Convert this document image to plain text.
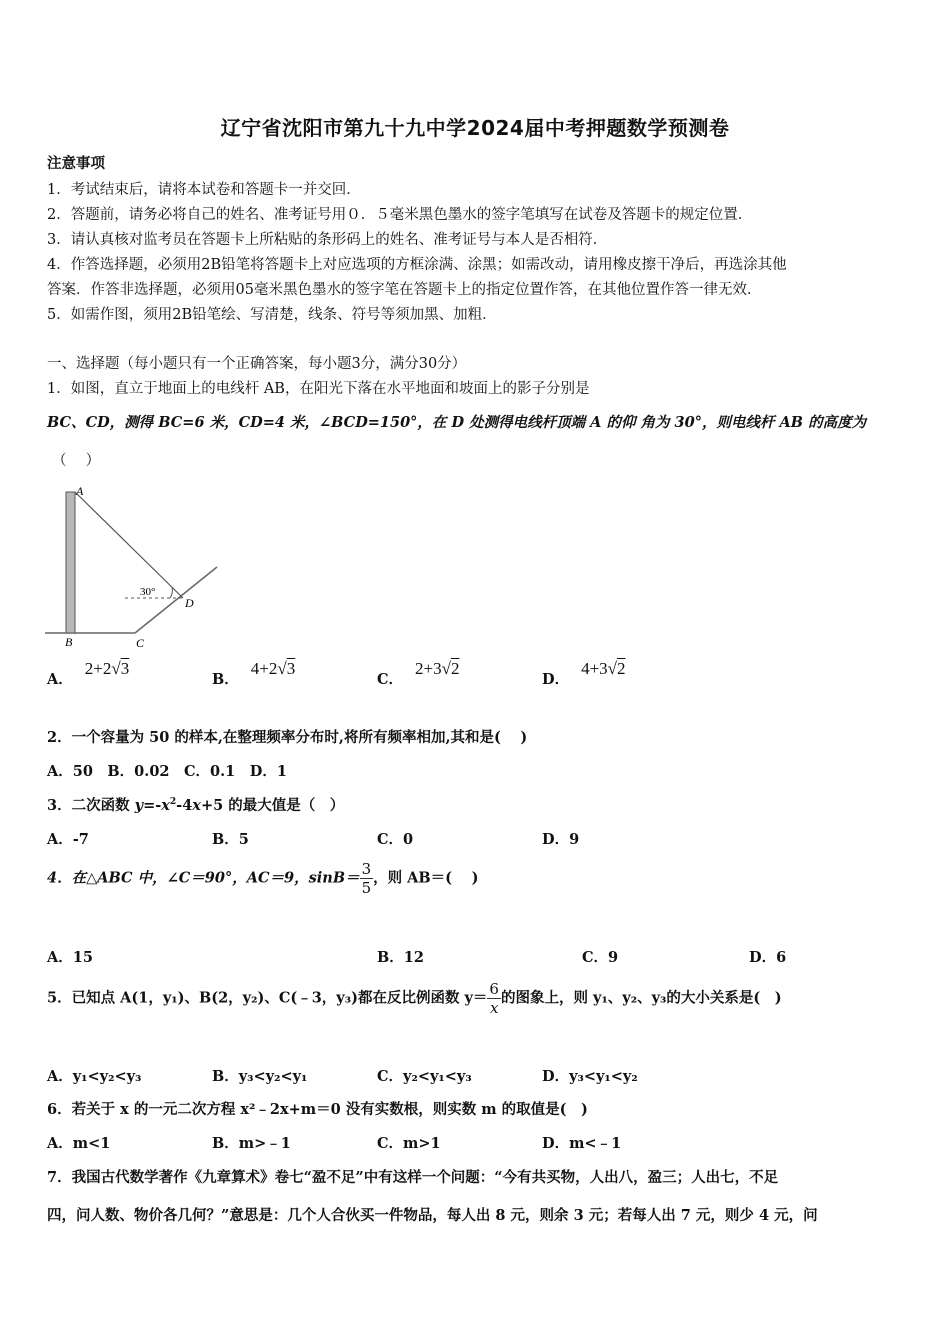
辽宁省沈阳市第九十九中学2024届中考押题数学预测卷
注意事项
1．考试结束后，请将本试卷和答题卡一并交回．
2．答题前，请务必将自己的姓名、准考证号用０．５毫米黑色墨水的签字笔填写在试卷及答题卡的规定位置．
3．请认真核对监考员在答题卡上所粘贴的条形码上的姓名、准考证号与本人是否相符．
4．作答选择题，必须用2B铅笔将答题卡上对应选项的方框涂满、涂黑；如需改动，请用橡皮擦干净后，再选涂其他
答案．作答非选择题，必须用05毫米黑色墨水的签字笔在答题卡上的指定位置作答，在其他位置作答一律无效．
5．如需作图，须用2B铅笔绘、写清楚，线条、符号等须加黑、加粗．
一、选择题（每小题只有一个正确答案，每小题3分，满分30分）
1．如图，直立于地面上的电线杆 AB，在阳光下落在水平地面和坡面上的影子分别是
BC、CD，测得 BC=6 米，CD=4 米，∠BCD=150°，在 D 处测得电线杆顶端 A 的仰 角为 30°，则电线杆 AB 的高度为
（　 ）
A
B	C
D
30°
A．2+2√3
B．4+2√3
C．2+3√2
D．4+3√2
2．一个容量为 50 的样本,在整理频率分布时,将所有频率相加,其和是(　 )
A．50　B．0.02　C．0.1　D．1
3．二次函数 $y=-x^2-4x+5$ 的最大值是（　）
A．-7	B．5	C．0	D．9
4．在△ABC 中，∠C＝90°，AC＝9，$\sin B= \frac{3}{5}$ ，则 AB＝(　 )
A．15	B．12	C．9	D．6
5．已知点 A(1，y₁)、B(2，y₂)、C(﹣3，y₃)都在反比例函数 $y= \frac{6}{x}$ 的图象上，则 y₁、y₂、y₃的大小关系是(　)
A．y₁<y₂<y₃	B．y₃<y₂<y₁	C．y₂<y₁<y₃	D．y₃<y₁<y₂
6．若关于 x 的一元二次方程 x²﹣2x+m＝0 没有实数根，则实数 m 的取值是(　)
A．m<1	B．m>﹣1	C．m>1	D．m<﹣1
7．我国古代数学著作《九章算术》卷七“盈不足”中有这样一个问题：“今有共买物，人出八，盈三；人出七，不足
四，问人数、物价各几何？”意思是：几个人合伙买一件物品，每人出 8 元，则余 3 元；若每人出 7 元，则少 4 元，问
